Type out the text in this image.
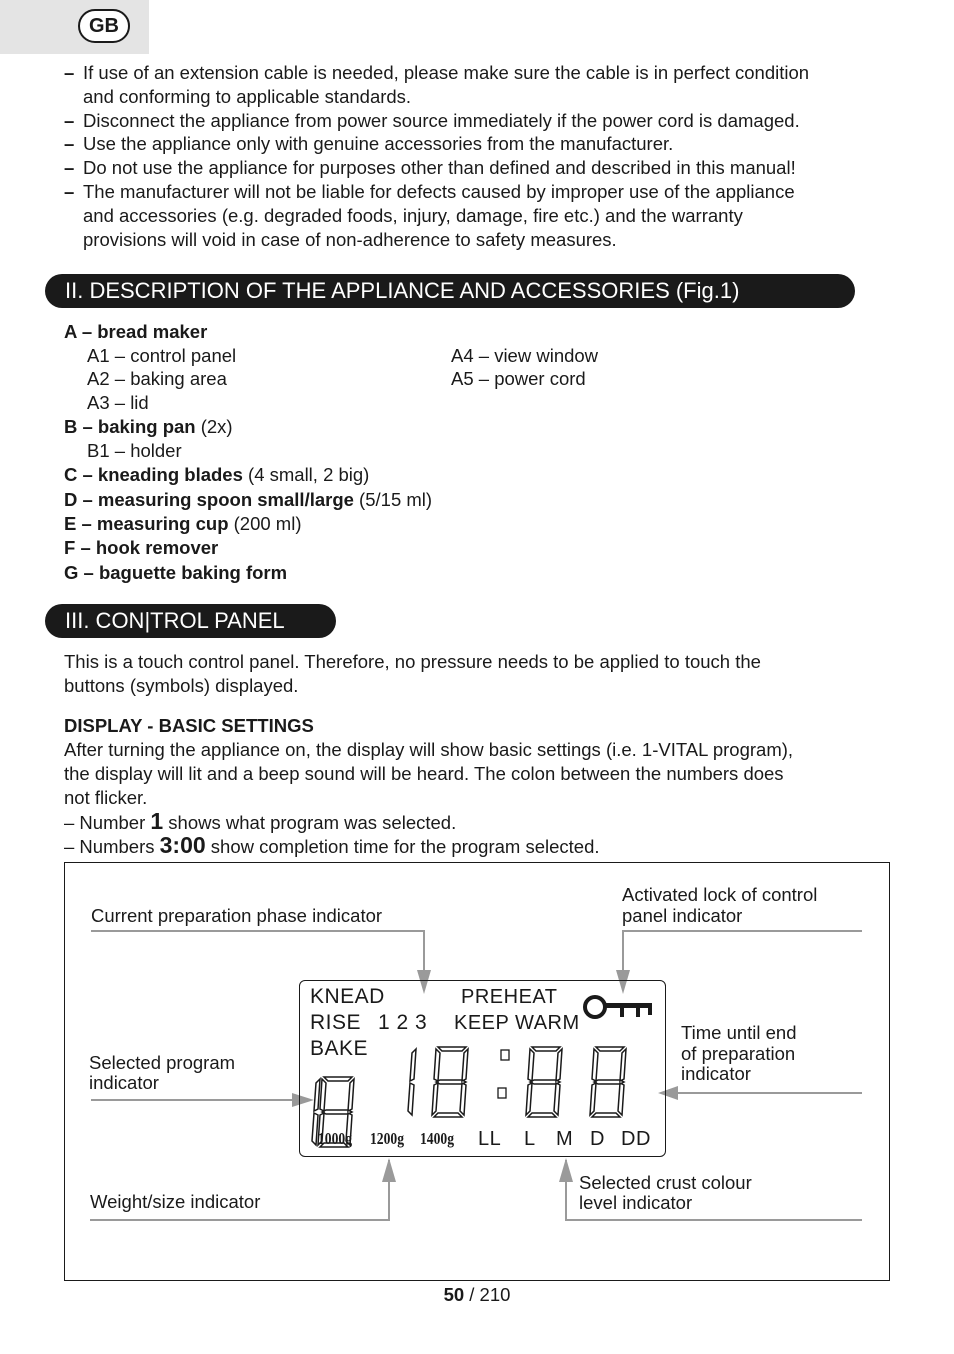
GB
– If use of an extension cable is needed, please make sure the cable is in perfect condition
and conforming to applicable standards.
– Disconnect the appliance from power source immediately if the power cord is damaged.
– Use the appliance only with genuine accessories from the manufacturer.
– Do not use the appliance for purposes other than defined and described in this manual!
– The manufacturer will not be liable for defects caused by improper use of the appliance
and accessories (e.g. degraded foods, injury, damage, fire etc.) and the warranty
provisions will void in case of non-adherence to safety measures.
II. DESCRIPTION OF THE APPLIANCE AND ACCESSORIES (Fig.1)
A – bread maker
A1 – control panel	A4 – view window
A2 – baking area	A5 – power cord
A3 – lid
B – baking pan (2x)
B1 – holder
C – kneading blades (4 small, 2 big)
D – measuring spoon small/large (5/15 ml)
E – measuring cup (200 ml)
F – hook remover
G – baguette baking form
III. CON|TROL PANEL
This is a touch control panel. Therefore, no pressure needs to be applied to touch the
buttons (symbols) displayed.
DISPLAY - BASIC SETTINGS
After turning the appliance on, the display will show basic settings (i.e. 1-VITAL program),
the display will lit and a beep sound will be heard. The colon between the numbers does
not flicker.
– Number 1 shows what program was selected.
– Numbers 3:00 show completion time for the program selected.
Current preparation phase indicator
Activated lock of control
panel indicator
Selected program
indicator
Time until end
of preparation
indicator
Weight/size indicator
Selected crust colour
level indicator
KNEAD	PREHEAT
RISE 1 2 3 KEEP WARM
BAKE
1000g 1200g 1400g LL L M D DD
50 / 210
